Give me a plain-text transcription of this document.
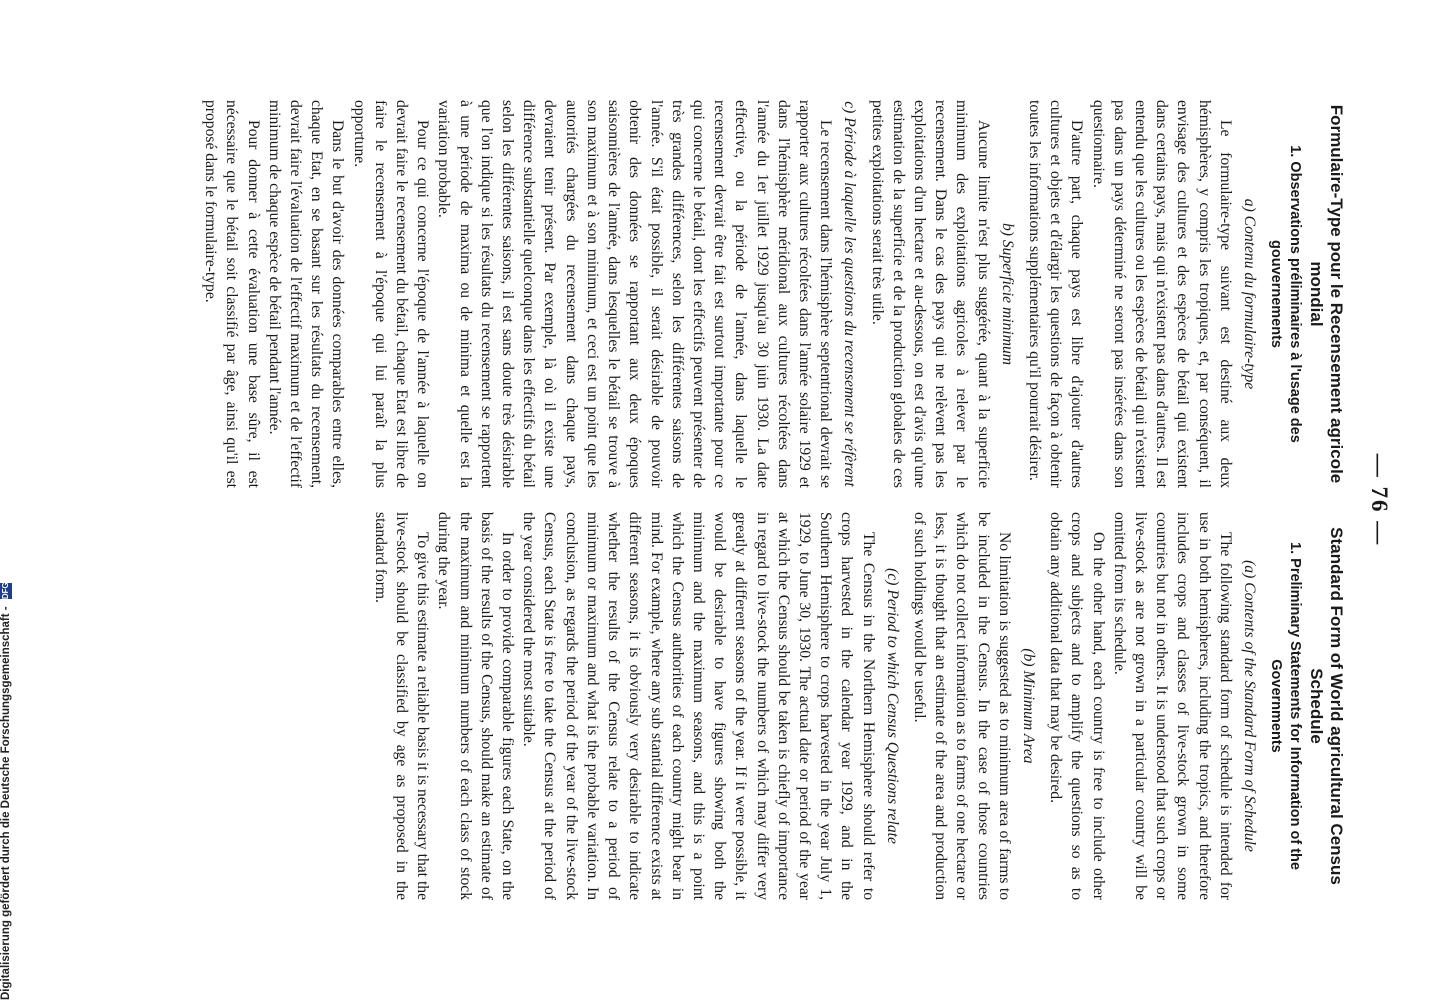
— 76 —
Formulaire-Type pour le Recensement agricole mondial
1. Observations préliminaires à l'usage des gouvernements
a) Contenu du formulaire-type

Le formulaire-type suivant est destiné aux deux hémisphères, y compris les tropiques, et, par conséquent, il envisage des cultures et des espèces de bétail qui existent dans certains pays, mais qui n'existent pas dans d'autres. Il est entendu que les cultures ou les espèces de bétail qui n'existent pas dans un pays déterminé ne seront pas insérées dans son questionnaire.

D'autre part, chaque pays est libre d'ajouter d'autres cultures et objets et d'élargir les questions de façon à obtenir toutes les informations supplémentaires qu'il pourrait désirer.

b) Superficie minimum

Aucune limite n'est plus suggérée, quant à la superficie minimum des exploitations agricoles à relever par le recensement. Dans le cas des pays qui ne relèvent pas les exploitations d'un hectare et au-dessous, on est d'avis qu'une estimation de la superficie et de la production globales de ces petites exploitations serait très utile.

c) Période à laquelle les questions du recensement se réfèrent

Le recensement dans l'hémisphère septentrional devrait se rapporter aux cultures récoltées dans l'année solaire 1929 et dans l'hémisphère méridional aux cultures récoltées dans l'année du 1er juillet 1929 jusqu'au 30 juin 1930. La date effective, ou la période de l'année, dans laquelle le recensement devrait être fait est surtout importante pour ce qui concerne le bétail, dont les effectifs peuvent présenter de très grandes différences, selon les différentes saisons de l'année. S'il était possible, il serait désirable de pouvoir obtenir des données se rapportant aux deux époques saisonnières de l'année, dans lesquelles le bétail se trouve à son maximum et à son minimum, et ceci est un point que les autorités chargées du recensement dans chaque pays, devraient tenir présent. Par exemple, là où il existe une différence substantielle quelconque dans les effectifs du bétail selon les différentes saisons, il est sans doute très désirable que l'on indique si les résultats du recensement se rapportent à une période de maxima ou de minima et quelle est la variation probable.

Pour ce qui concerne l'époque de l'année à laquelle on devrait faire le recensement du bétail, chaque Etat est libre de faire le recensement à l'époque qui lui paraît la plus opportune.

Dans le but d'avoir des données comparables entre elles, chaque Etat, en se basant sur les résultats du recensement, devrait faire l'évaluation de l'effectif maximum et de l'effectif minimum de chaque espèce de bétail pendant l'année.

Pour donner à cette évaluation une base sûre, il est nécessaire que le bétail soit classifié par âge, ainsi qu'il est proposé dans le formulaire-type.

Standard Form of World agricultural Census Schedule
1. Preliminary Statements for Information of the Governments
(a) Contents of the Standard Form of Schedule

The following standard form of schedule is intended for use in both hemispheres, including the tropics, and therefore includes crops and classes of live-stock grown in some countries but not in others. It is understood that such crops or live-stock as are not grown in a particular country will be omitted from its schedule.

On the other hand, each country is free to include other crops and subjects and to amplify the questions so as to obtain any additional data that may be desired.

(b) Minimum Area

No limitation is suggested as to minimum area of farms to be included in the Census. In the case of those countries which do not collect information as to farms of one hectare or less, it is thought that an estimate of the area and production of such holdings would be useful.

(c) Period to which Census Questions relate

The Census in the Northern Hemisphere should refer to crops harvested in the calendar year 1929, and in the Southern Hemisphere to crops harvested in the year July 1, 1929, to June 30, 1930. The actual date or period of the year at which the Census should be taken is chiefly of importance in regard to live-stock the numbers of which may differ very greatly at different seasons of the year. If it were possible, it would be desirable to have figures showing both the minimum and the maximum seasons, and this is a point which the Census authorities of each country might bear in mind. For example, where any sub stantial difference exists at different seasons, it is obviously very desirable to indicate whether the results of the Census relate to a period of minimum or maximum and what is the probable variation. In conclusion, as regards the period of the year of the live-stock Census, each State is free to take the Census at the period of the year considered the most suitable.

In order to provide comparable figures each State, on the basis of the results of the Census, should make an estimate of the maximum and minimum numbers of each class of stock during the year.

To give this estimate a reliable basis it is necessary that the live-stock should be classified by age as proposed in the standard form.

Digitalisierung gefördert durch die Deutsche Forschungsgemeinschaft - DFG
